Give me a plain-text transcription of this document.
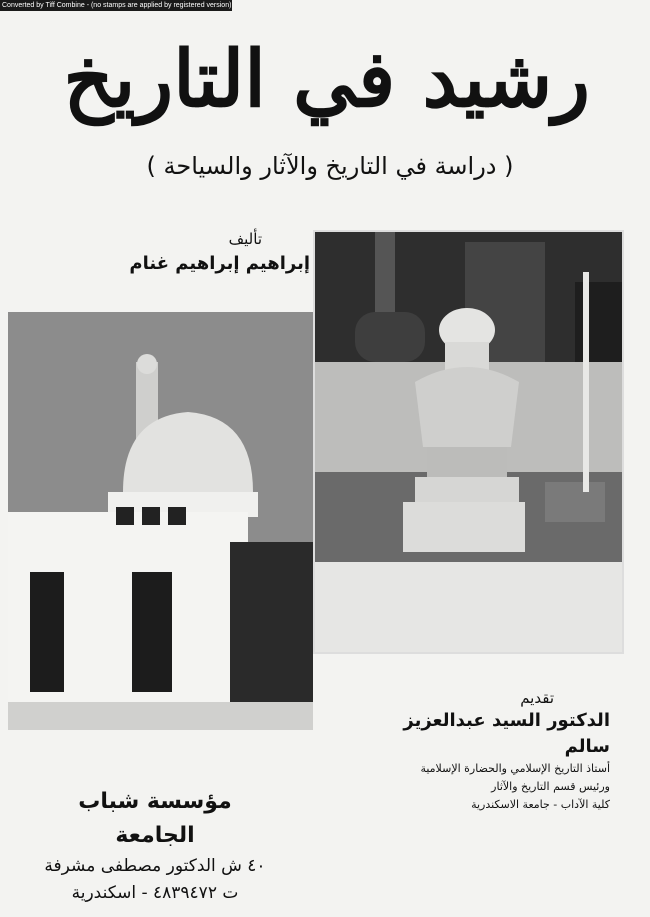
Converted by Tiff Combine - (no stamps are applied by registered version)
رشيد في التاريخ
( دراسة في التاريخ والآثار والسياحة )
تأليف
إبراهيم إبراهيم غنام
تقديم
الدكتور السيد عبدالعزيز سالم
أستاذ التاريخ الإسلامي والحضارة الإسلامية
ورئيس قسم التاريخ والآثار
كلية الآداب - جامعة الاسكندرية
مؤسسة شباب الجامعة
٤٠ ش الدكتور مصطفى مشرفة
ت ٤٨٣٩٤٧٢ - اسكندرية
